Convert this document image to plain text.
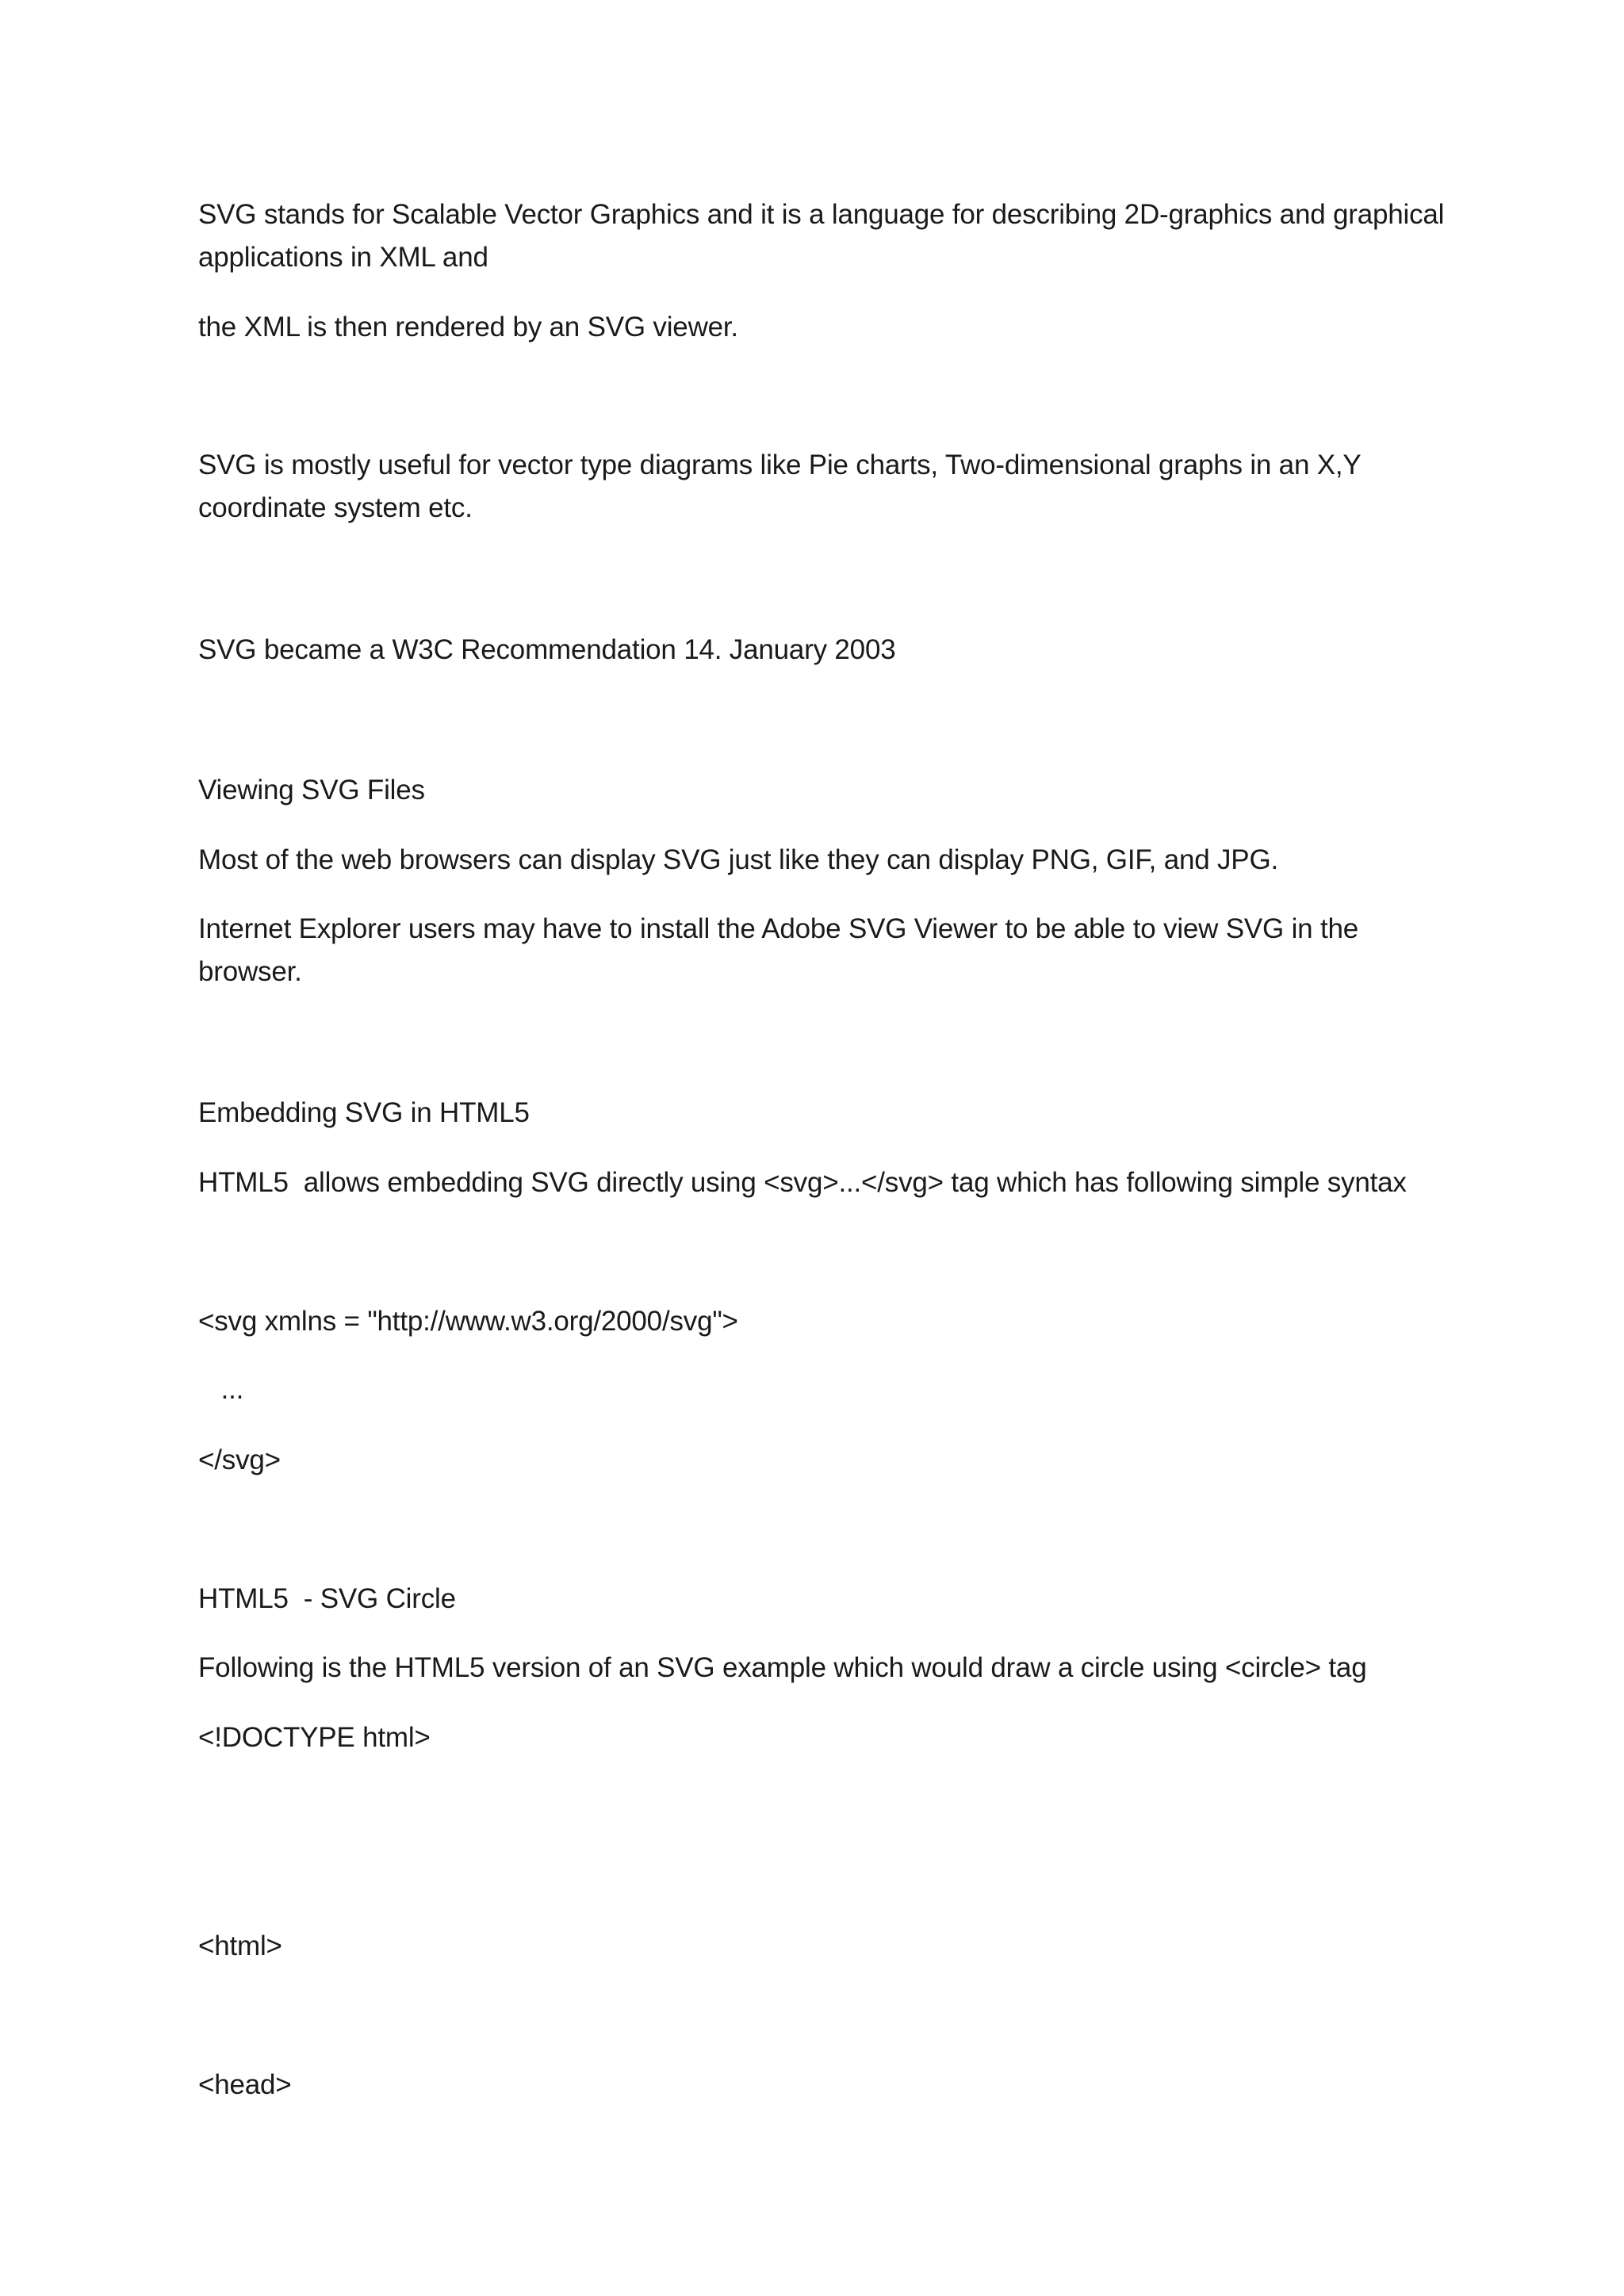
SVG stands for Scalable Vector Graphics and it is a language for describing 2D-graphics and graphical applications in XML and

the XML is then rendered by an SVG viewer.

SVG is mostly useful for vector type diagrams like Pie charts, Two-dimensional graphs in an X,Y coordinate system etc.

SVG became a W3C Recommendation 14. January 2003

Viewing SVG Files

Most of the web browsers can display SVG just like they can display PNG, GIF, and JPG.

Internet Explorer users may have to install the Adobe SVG Viewer to be able to view SVG in the browser.

Embedding SVG in HTML5

HTML5  allows embedding SVG directly using <svg>...</svg> tag which has following simple syntax

<svg xmlns = "http://www.w3.org/2000/svg">

...

</svg>

HTML5  - SVG Circle

Following is the HTML5 version of an SVG example which would draw a circle using <circle> tag

<!DOCTYPE html>

<html>

<head>
